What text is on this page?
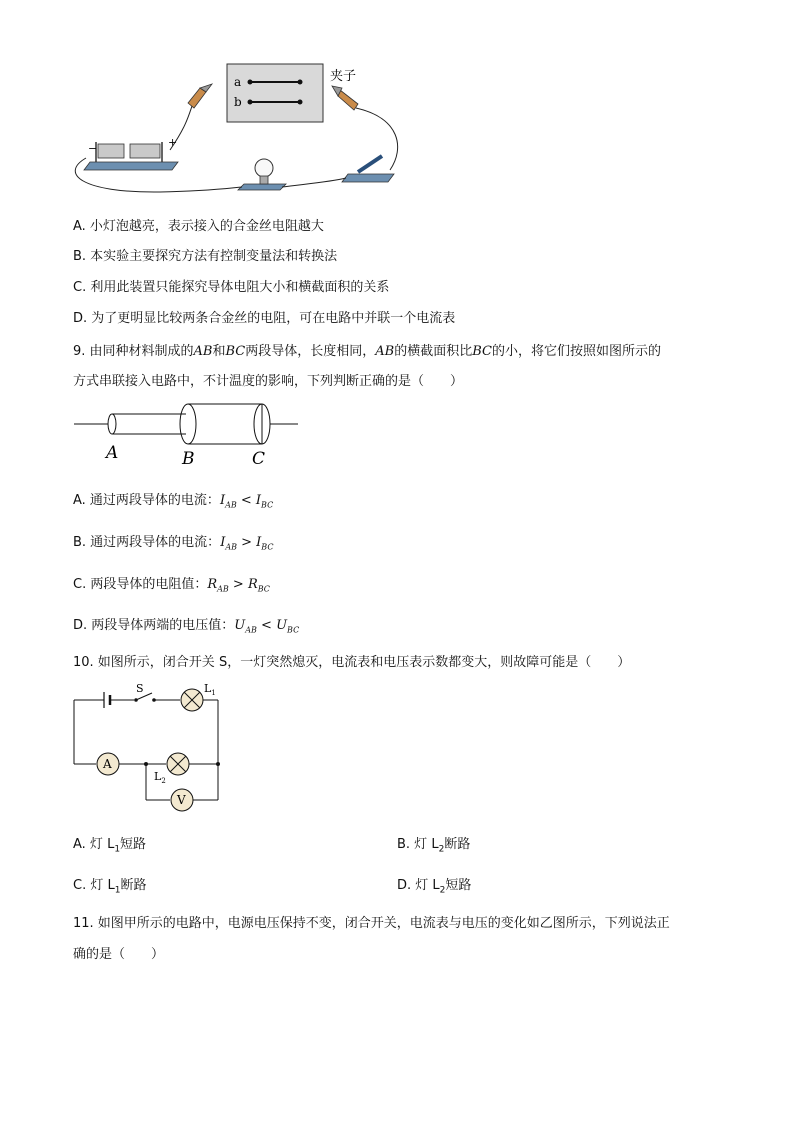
a
b
夹子
−	+
A. 小灯泡越亮，表示接入的合金丝电阻越大
B. 本实验主要探究方法有控制变量法和转换法
C. 利用此装置只能探究导体电阻大小和横截面积的关系
D. 为了更明显比较两条合金丝的电阻，可在电路中并联一个电流表
9. 由同种材料制成的AB和BC两段导体，长度相同，AB的横截面积比BC的小，将它们按照如图所示的
方式串联接入电路中，不计温度的影响，下列判断正确的是（　　）
A	B	C
A. 通过两段导体的电流：$I_{AB} < I_{BC}$
B. 通过两段导体的电流：$I_{AB} > I_{BC}$
C. 两段导体的电阻值：$R_{AB} > R_{BC}$
D. 两段导体两端的电压值：$U_{AB} < U_{BC}$
10. 如图所示，闭合开关 S，一灯突然熄灭，电流表和电压表示数都变大，则故障可能是（　　）
S	$L_1$
A
$L_2$
V
A. 灯 $L_1$短路	B. 灯 $L_2$断路
C. 灯 $L_1$断路	D. 灯 $L_2$短路
11. 如图甲所示的电路中，电源电压保持不变，闭合开关，电流表与电压的变化如乙图所示，下列说法正
确的是（　　）
